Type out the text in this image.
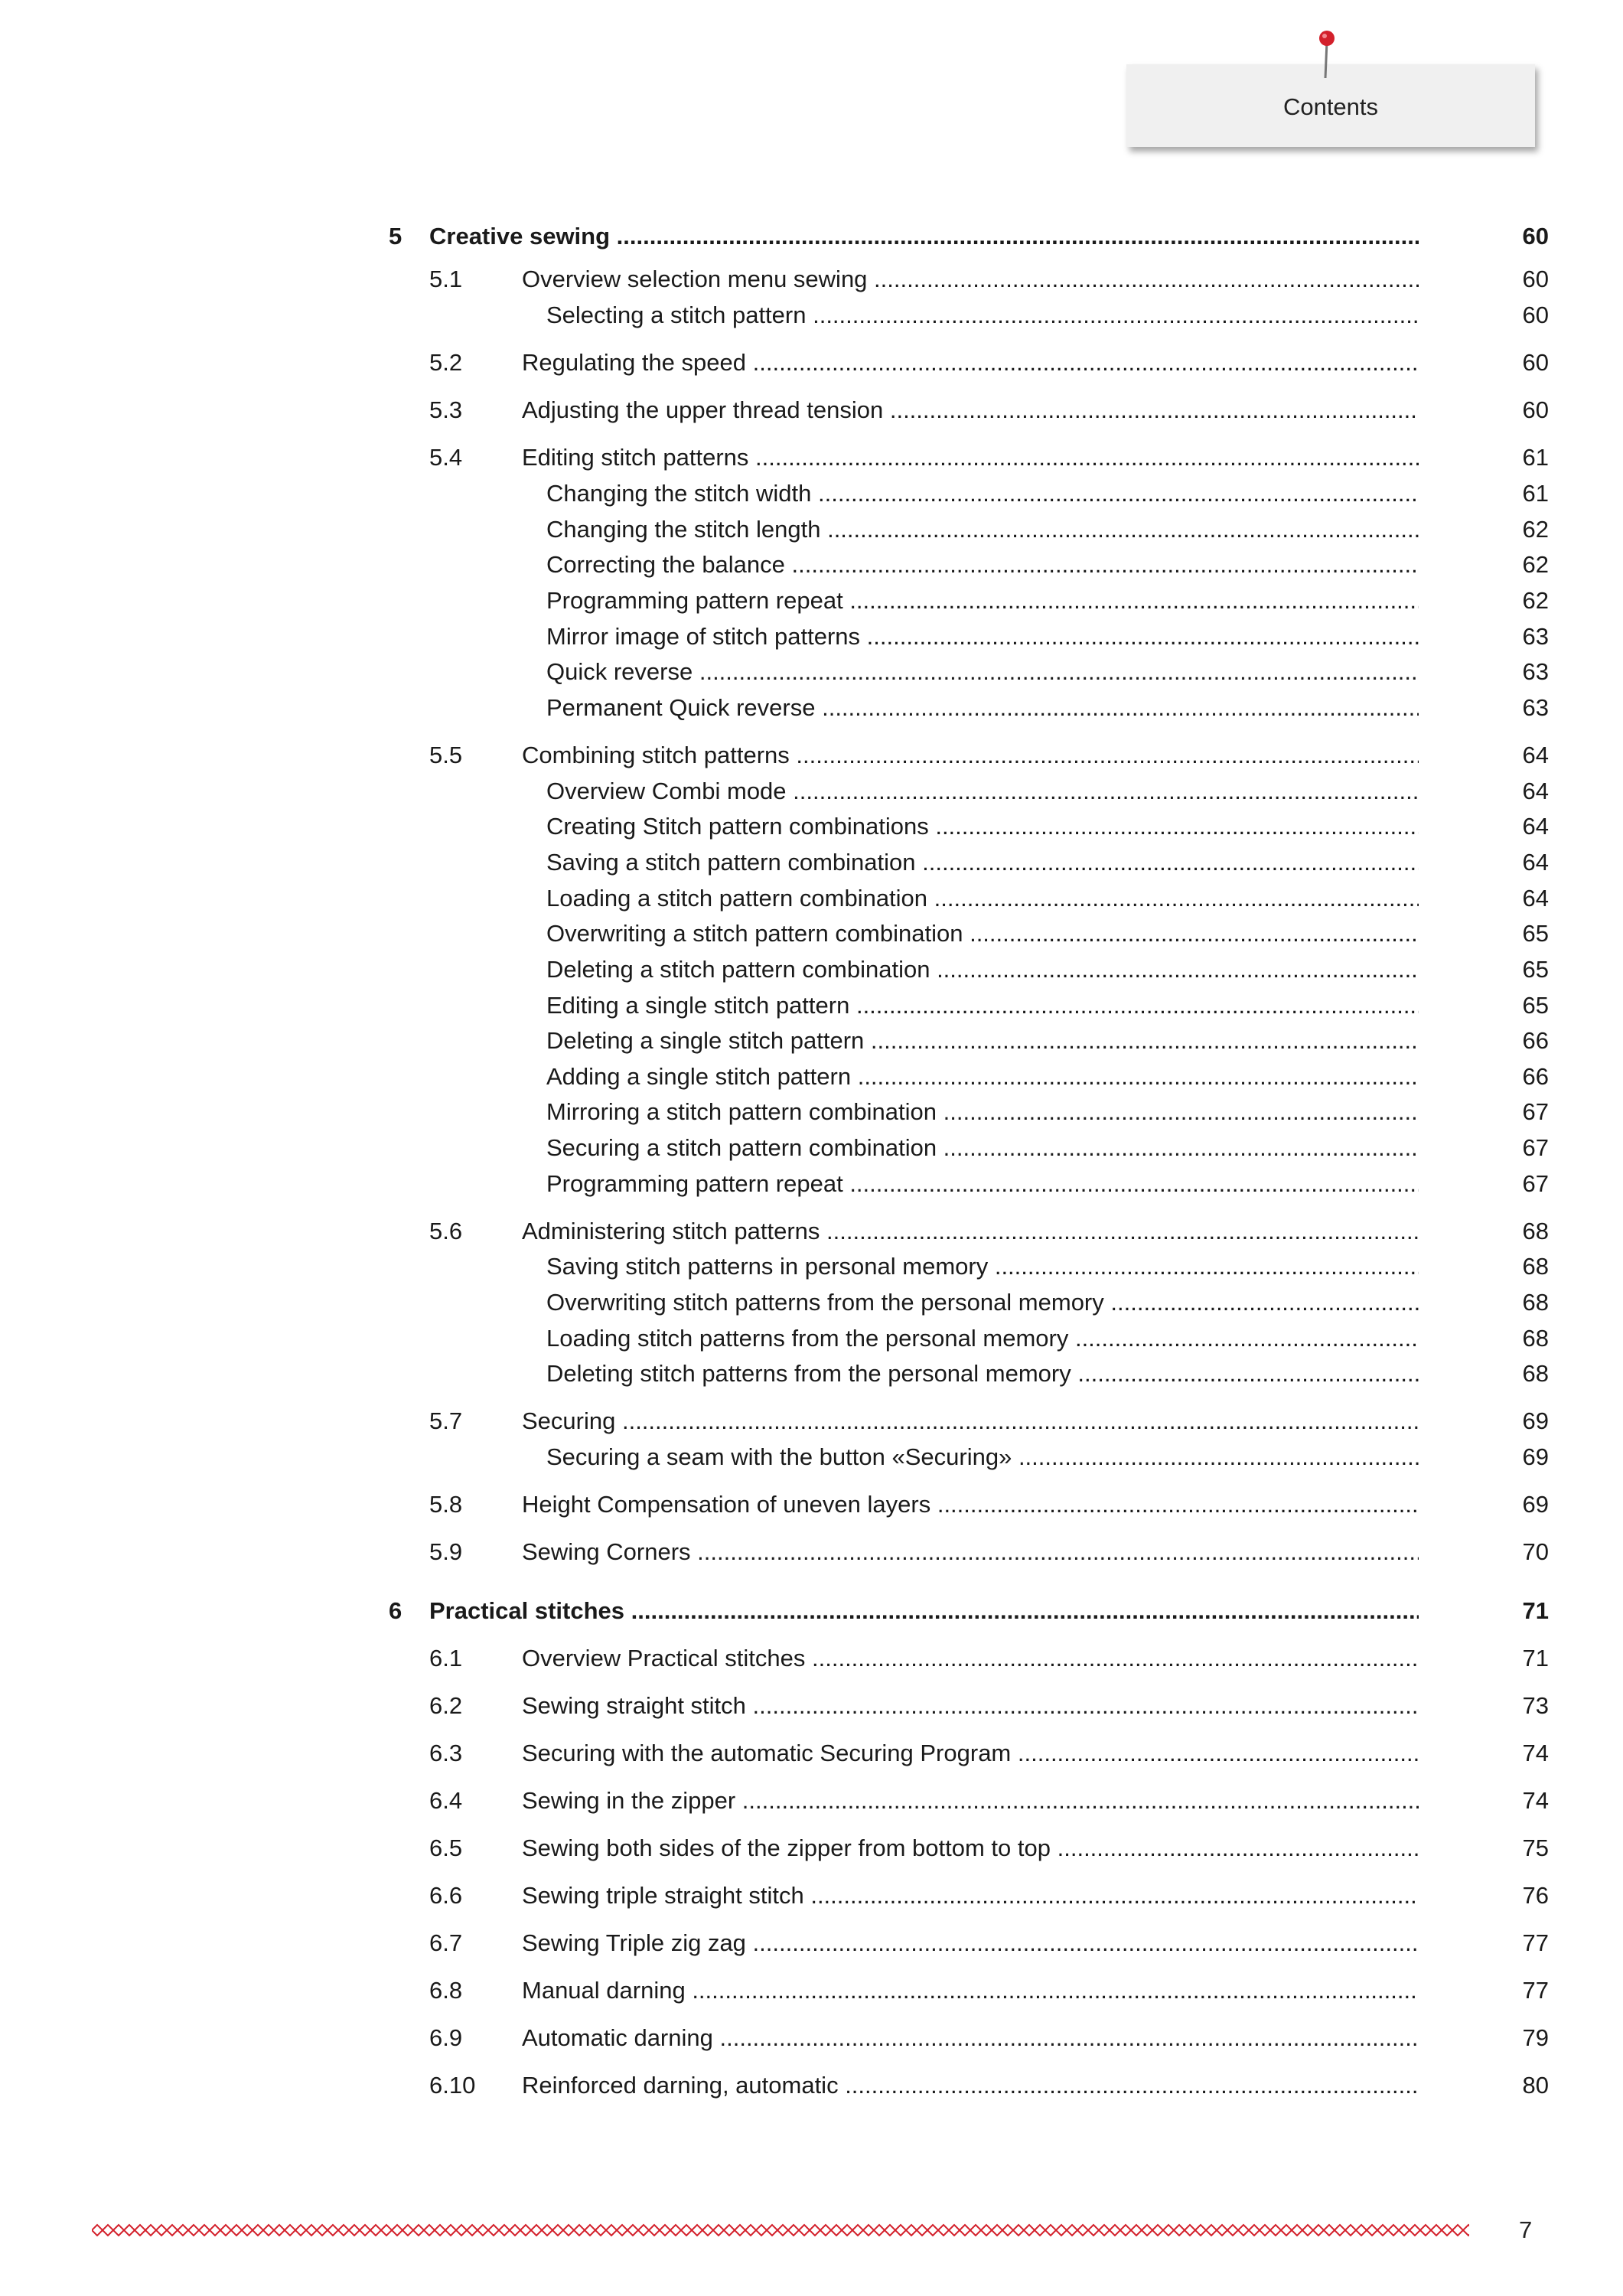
Contents
5 Creative sewing .....	60
5.1	Overview selection menu sewing .....	60
Selecting a stitch pattern .....	60
5.2	Regulating the speed .....	60
5.3	Adjusting the upper thread tension .....	60
5.4	Editing stitch patterns .....	61
Changing the stitch width .....	61
Changing the stitch length .....	62
Correcting the balance .....	62
Programming pattern repeat .....	62
Mirror image of stitch patterns .....	63
Quick reverse .....	63
Permanent Quick reverse .....	63
5.5	Combining stitch patterns .....	64
Overview Combi mode .....	64
Creating Stitch pattern combinations .....	64
Saving a stitch pattern combination .....	64
Loading a stitch pattern combination .....	64
Overwriting a stitch pattern combination .....	65
Deleting a stitch pattern combination .....	65
Editing a single stitch pattern .....	65
Deleting a single stitch pattern .....	66
Adding a single stitch pattern .....	66
Mirroring a stitch pattern combination .....	67
Securing a stitch pattern combination .....	67
Programming pattern repeat .....	67
5.6	Administering stitch patterns .....	68
Saving stitch patterns in personal memory .....	68
Overwriting stitch patterns from the personal memory .....	68
Loading stitch patterns from the personal memory .....	68
Deleting stitch patterns from the personal memory .....	68
5.7	Securing .....	69
Securing a seam with the button «Securing» .....	69
5.8	Height Compensation of uneven layers .....	69
5.9	Sewing Corners .....	70
6 Practical stitches .....	71
6.1	Overview Practical stitches .....	71
6.2	Sewing straight stitch .....	73
6.3	Securing with the automatic Securing Program .....	74
6.4	Sewing in the zipper .....	74
6.5	Sewing both sides of the zipper from bottom to top .....	75
6.6	Sewing triple straight stitch .....	76
6.7	Sewing Triple zig zag .....	77
6.8	Manual darning .....	77
6.9	Automatic darning .....	79
6.10 Reinforced darning, automatic .....	80
7
